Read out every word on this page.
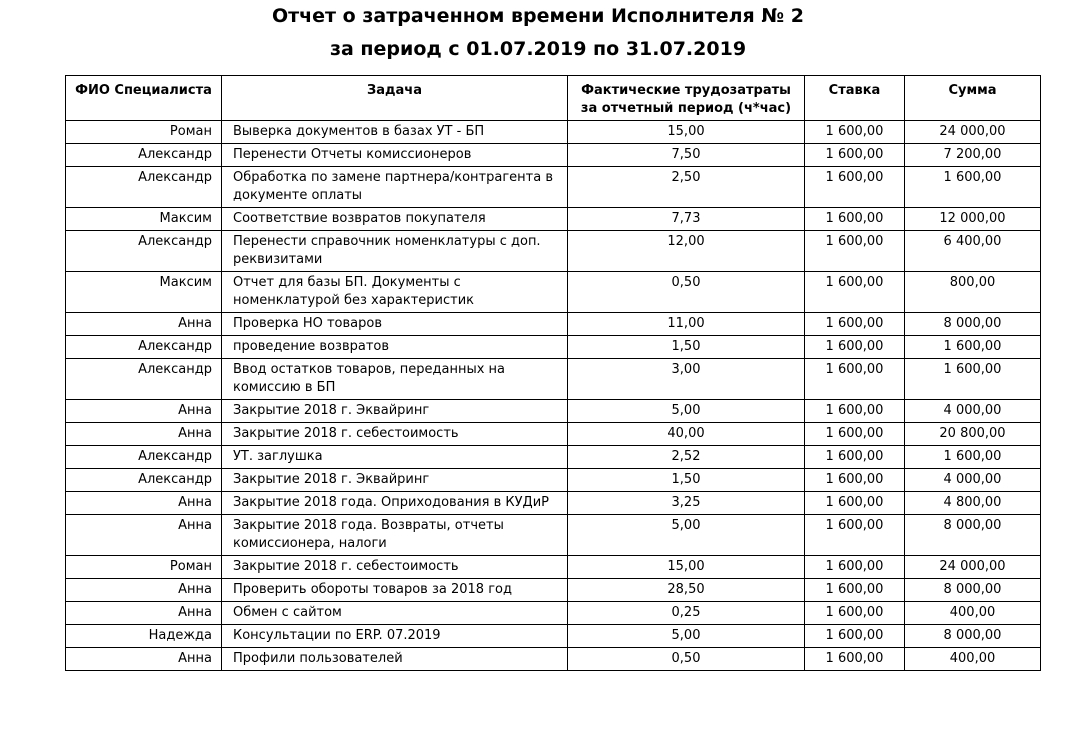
Отчет о затраченном времени Исполнителя № 2
за период с 01.07.2019 по 31.07.2019
ФИО Специалиста	Задача	Фактические трудозатраты за отчетный период (ч*час)	Ставка	Сумма
Роман	Выверка документов в базах УТ - БП	15,00	1 600,00	24 000,00
Александр	Перенести Отчеты комиссионеров	7,50	1 600,00	7 200,00
Александр	Обработка по замене партнера/контрагента в документе оплаты	2,50	1 600,00	1 600,00
Максим	Соответствие возвратов покупателя	7,73	1 600,00	12 000,00
Александр	Перенести справочник номенклатуры с доп. реквизитами	12,00	1 600,00	6 400,00
Максим	Отчет для базы БП. Документы с номенклатурой без характеристик	0,50	1 600,00	800,00
Анна	Проверка НО товаров	11,00	1 600,00	8 000,00
Александр	проведение возвратов	1,50	1 600,00	1 600,00
Александр	Ввод остатков товаров, переданных на комиссию в БП	3,00	1 600,00	1 600,00
Анна	Закрытие 2018 г. Эквайринг	5,00	1 600,00	4 000,00
Анна	Закрытие 2018 г. себестоимость	40,00	1 600,00	20 800,00
Александр	УТ. заглушка	2,52	1 600,00	1 600,00
Александр	Закрытие 2018 г. Эквайринг	1,50	1 600,00	4 000,00
Анна	Закрытие 2018 года. Оприходования в КУДиР	3,25	1 600,00	4 800,00
Анна	Закрытие 2018 года. Возвраты, отчеты комиссионера, налоги	5,00	1 600,00	8 000,00
Роман	Закрытие 2018 г. себестоимость	15,00	1 600,00	24 000,00
Анна	Проверить обороты товаров за 2018 год	28,50	1 600,00	8 000,00
Анна	Обмен с сайтом	0,25	1 600,00	400,00
Надежда	Консультации по ERP. 07.2019	5,00	1 600,00	8 000,00
Анна	Профили пользователей	0,50	1 600,00	400,00
